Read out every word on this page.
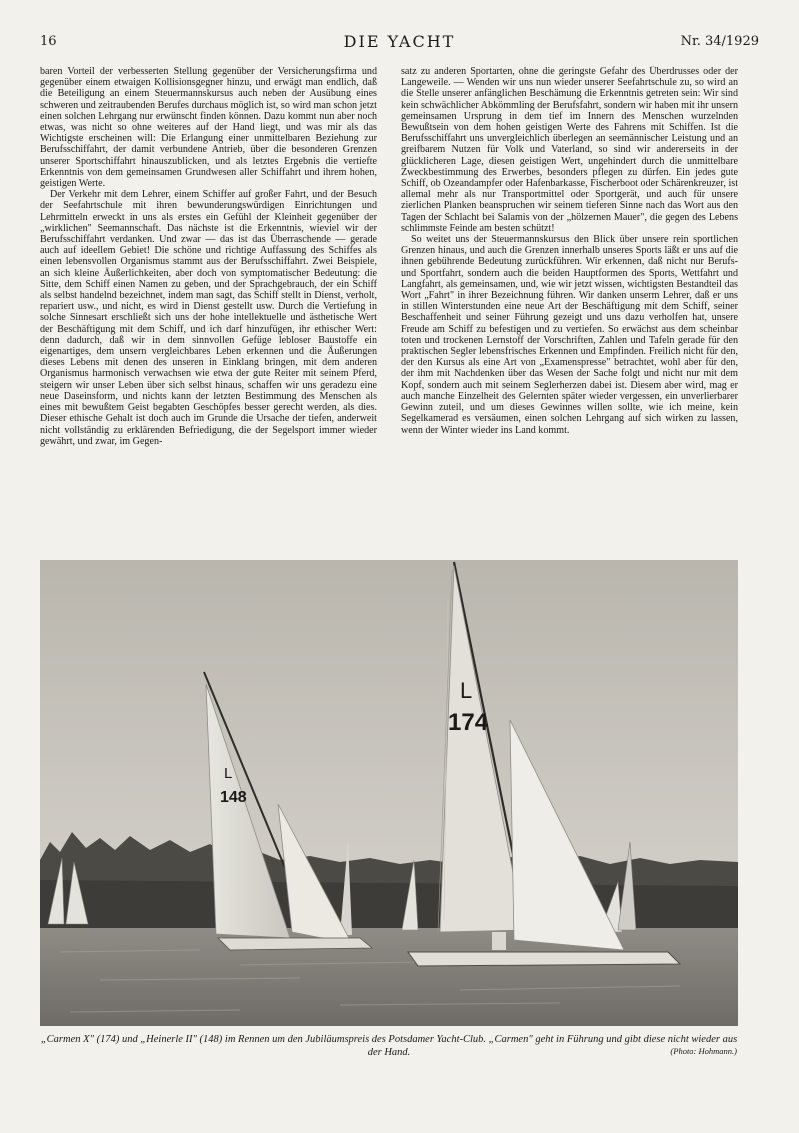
16	DIE YACHT	Nr. 34/1929

baren Vorteil der verbesserten Stellung gegenüber der Versicherungsfirma und gegenüber einem etwaigen Kollisionsgegner hinzu, und erwägt man endlich, daß die Beteiligung an einem Steuermannskursus auch neben der Ausübung eines schweren und zeitraubenden Berufes durchaus möglich ist, so wird man schon jetzt einen solchen Lehrgang nur erwünscht finden können. Dazu kommt nun aber noch etwas, was nicht so ohne weiteres auf der Hand liegt, und was mir als das Wichtigste erscheinen will: Die Erlangung einer unmittelbaren Beziehung zur Berufsschiffahrt, der damit verbundene Antrieb, über die besonderen Grenzen unserer Sportschiffahrt hinauszublicken, und als letztes Ergebnis die vertiefte Erkenntnis von dem gemeinsamen Grundwesen aller Schiffahrt und ihrem hohen, geistigen Werte.

Der Verkehr mit dem Lehrer, einem Schiffer auf großer Fahrt, und der Besuch der Seefahrtschule mit ihren bewunderungswürdigen Einrichtungen und Lehrmitteln erweckt in uns als erstes ein Gefühl der Kleinheit gegenüber der „wirklichen" Seemannschaft. Das nächste ist die Erkenntnis, wieviel wir der Berufsschiffahrt verdanken. Und zwar — das ist das Überraschende — gerade auch auf ideellem Gebiet! Die schöne und richtige Auffassung des Schiffes als einen lebensvollen Organismus stammt aus der Berufsschiffahrt. Zwei Beispiele, an sich kleine Äußerlichkeiten, aber doch von symptomatischer Bedeutung: die Sitte, dem Schiff einen Namen zu geben, und der Sprachgebrauch, der ein Schiff als selbst handelnd bezeichnet, indem man sagt, das Schiff stellt in Dienst, verholt, repariert usw., und nicht, es wird in Dienst gestellt usw. Durch die Vertiefung in solche Sinnesart erschließt sich uns der hohe intellektuelle und ästhetische Wert der Beschäftigung mit dem Schiff, und ich darf hinzufügen, ihr ethischer Wert: denn dadurch, daß wir in dem sinnvollen Gefüge lebloser Baustoffe ein eigenartiges, dem unsern vergleichbares Leben erkennen und die Äußerungen dieses Lebens mit denen des unseren in Einklang bringen, mit dem anderen Organismus harmonisch verwachsen wie etwa der gute Reiter mit seinem Pferd, steigern wir unser Leben über sich selbst hinaus, schaffen wir uns geradezu eine neue Daseinsform, und nichts kann der letzten Bestimmung des Menschen als eines mit bewußtem Geist begabten Geschöpfes besser gerecht werden, als dies. Dieser ethische Gehalt ist doch auch im Grunde die Ursache der tiefen, anderweit nicht vollständig zu erklärenden Befriedigung, die der Segelsport immer wieder gewährt, und zwar, im Gegen-

satz zu anderen Sportarten, ohne die geringste Gefahr des Überdrusses oder der Langeweile. — Wenden wir uns nun wieder unserer Seefahrtschule zu, so wird an die Stelle unserer anfänglichen Beschämung die Erkenntnis getreten sein: Wir sind kein schwächlicher Abkömmling der Berufsfahrt, sondern wir haben mit ihr unsern gemeinsamen Ursprung in dem tief im Innern des Menschen wurzelnden Bewußtsein von dem hohen geistigen Werte des Fahrens mit Schiffen. Ist die Berufsschiffahrt uns unvergleichlich überlegen an seemännischer Leistung und an greifbarem Nutzen für Volk und Vaterland, so sind wir andererseits in der glücklicheren Lage, diesen geistigen Wert, ungehindert durch die unmittelbare Zweckbestimmung des Erwerbes, besonders pflegen zu dürfen. Ein jedes gute Schiff, ob Ozeandampfer oder Hafenbarkasse, Fischerboot oder Schärenkreuzer, ist allemal mehr als nur Transportmittel oder Sportgerät, und auch für unsere zierlichen Planken beanspruchen wir seinem tieferen Sinne nach das Wort aus den Tagen der Schlacht bei Salamis von der „hölzernen Mauer", die gegen des Lebens schlimmste Feinde am besten schützt!

So weitet uns der Steuermannskursus den Blick über unsere rein sportlichen Grenzen hinaus, und auch die Grenzen innerhalb unseres Sports läßt er uns auf die ihnen gebührende Bedeutung zurückführen. Wir erkennen, daß nicht nur Berufs- und Sportfahrt, sondern auch die beiden Hauptformen des Sports, Wettfahrt und Langfahrt, als gemeinsamen, und, wie wir jetzt wissen, wichtigsten Bestandteil das Wort „Fahrt" in ihrer Bezeichnung führen. Wir danken unserm Lehrer, daß er uns in stillen Winterstunden eine neue Art der Beschäftigung mit dem Schiff, seiner Beschaffenheit und seiner Führung gezeigt und uns dazu verholfen hat, unsere Freude am Schiff zu befestigen und zu vertiefen. So erwächst aus dem scheinbar toten und trockenen Lernstoff der Vorschriften, Zahlen und Tafeln gerade für den praktischen Segler lebensfrisches Erkennen und Empfinden. Freilich nicht für den, der den Kursus als eine Art von „Examenspresse" betrachtet, wohl aber für den, der ihm mit Nachdenken über das Wesen der Sache folgt und nicht nur mit dem Kopf, sondern auch mit seinem Seglerherzen dabei ist. Diesem aber wird, mag er auch manche Einzelheit des Gelernten später wieder vergessen, ein unverlierbarer Gewinn zuteil, und um dieses Gewinnes willen sollte, wie ich meine, kein Segelkamerad es versäumen, einen solchen Lehrgang auf sich wirken zu lassen, wenn der Winter wieder ins Land kommt.

L
148
L
174
„Carmen X" (174) und „Heinerle II" (148) im Rennen um den Jubiläumspreis des Potsdamer Yacht-Club. „Carmen" geht in Führung und gibt diese nicht wieder aus der Hand.	(Photo: Hohmann.)
